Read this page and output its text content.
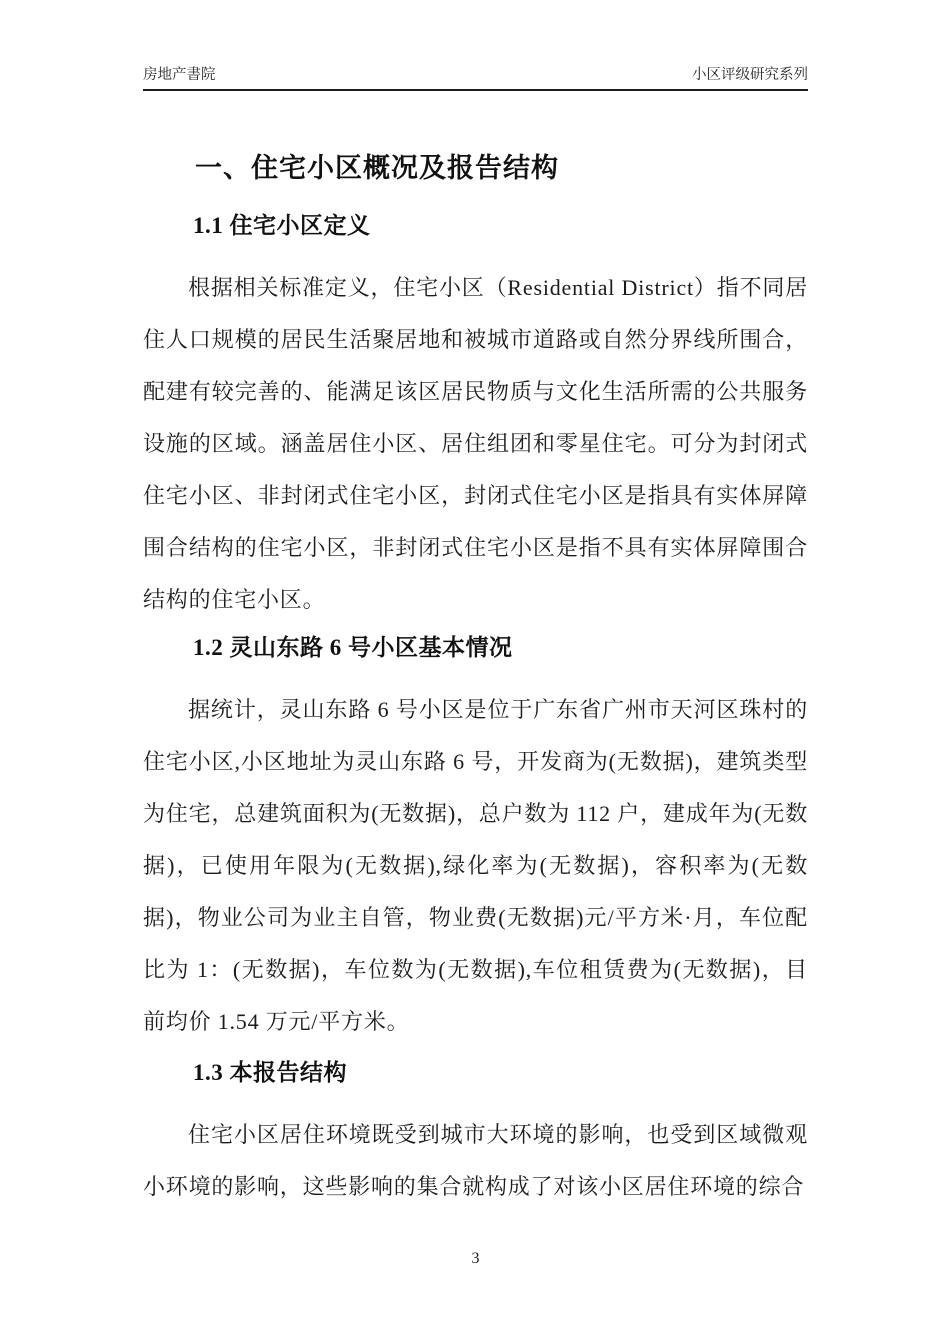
房地产書院	小区评级研究系列
一、住宅小区概况及报告结构
1.1 住宅小区定义

根据相关标准定义，住宅小区（Residential District）指不同居住人口规模的居民生活聚居地和被城市道路或自然分界线所围合，配建有较完善的、能满足该区居民物质与文化生活所需的公共服务设施的区域。涵盖居住小区、居住组团和零星住宅。可分为封闭式住宅小区、非封闭式住宅小区，封闭式住宅小区是指具有实体屏障围合结构的住宅小区，非封闭式住宅小区是指不具有实体屏障围合结构的住宅小区。

1.2 灵山东路 6 号小区基本情况

据统计，灵山东路 6 号小区是位于广东省广州市天河区珠村的住宅小区,小区地址为灵山东路 6 号，开发商为(无数据)，建筑类型为住宅，总建筑面积为(无数据)，总户数为 112 户，建成年为(无数据)，已使用年限为(无数据),绿化率为(无数据)，容积率为(无数据)，物业公司为业主自管，物业费(无数据)元/平方米·月，车位配比为 1：(无数据)，车位数为(无数据),车位租赁费为(无数据)，目前均价 1.54 万元/平方米。

1.3 本报告结构

住宅小区居住环境既受到城市大环境的影响，也受到区域微观小环境的影响，这些影响的集合就构成了对该小区居住环境的综合

3
